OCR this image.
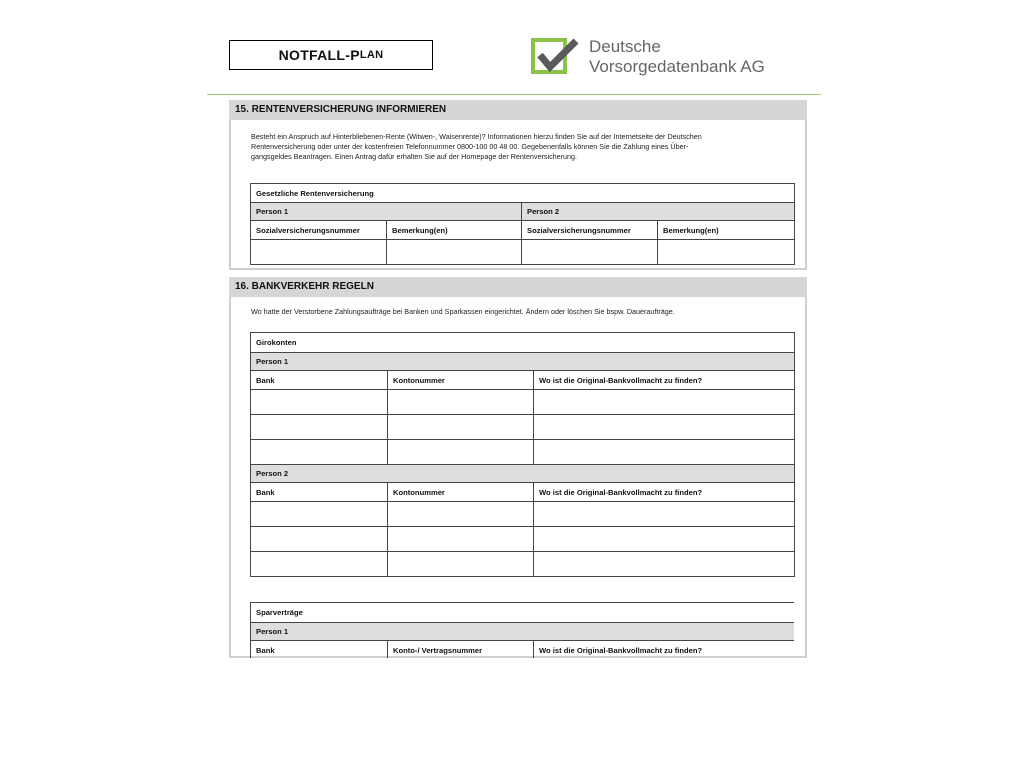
NOTFALL-P LAN	Deutsche
Vorsorgedatenbank AG
15. RENTENVERSICHERUNG INFORMIEREN
Besteht ein Anspruch auf Hinterbliebenen-Rente (Witwen-, Waisenrente)? Informationen hierzu finden Sie auf der Internetseite der Deutschen
Rentenversicherung oder unter der kostenfreien Telefonnummer 0800-100 00 48 00. Gegebenenfalls können Sie die Zahlung eines Über-
gangsgeldes Beantragen. Einen Antrag dafür erhalten Sie auf der Homepage der Rentenversicherung.
Gesetzliche Rentenversicherung			
Person 1		Person 2	
Sozialversicherungsnummer	Bemerkung(en)	Sozialversicherungsnummer	Bemerkung(en)

16. BANKVERKEHR REGELN
Wo hatte der Verstorbene Zahlungsaufträge bei Banken und Sparkassen eingerichtet. Ändern oder löschen Sie bspw. Daueraufträge.
Girokonten		
Person 1		
Bank	Kontonummer	Wo ist die Original-Bankvollmacht zu finden?

Person 2		
Bank	Kontonummer	Wo ist die Original-Bankvollmacht zu finden?

Sparverträge
Person 1
Bank	Konto-/ Vertragsnummer	Wo ist die Original-Bankvollmacht zu finden?
